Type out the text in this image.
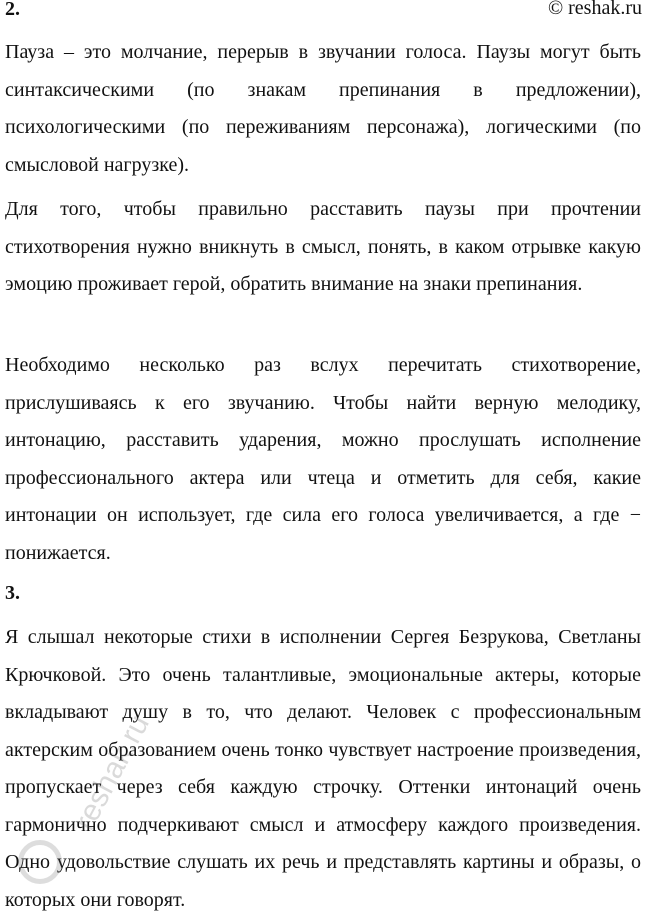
2.	© reshak.ru

Пауза – это молчание, перерыв в звучании голоса. Паузы могут быть синтаксическими (по знакам препинания в предложении), психологическими (по переживаниям персонажа), логическими (по смысловой нагрузке).

Для того, чтобы правильно расставить паузы при прочтении стихотворения нужно вникнуть в смысл, понять, в каком отрывке какую эмоцию проживает герой, обратить внимание на знаки препинания.

Необходимо несколько раз вслух перечитать стихотворение, прислушиваясь к его звучанию. Чтобы найти верную мелодику, интонацию, расставить ударения, можно прослушать исполнение профессионального актера или чтеца и отметить для себя, какие интонации он использует, где сила его голоса увеличивается, а где − понижается.

3.

Я слышал некоторые стихи в исполнении Сергея Безрукова, Светланы Крючковой. Это очень талантливые, эмоциональные актеры, которые вкладывают душу в то, что делают. Человек с профессиональным актерским образованием очень тонко чувствует настроение произведения, пропускает через себя каждую строчку. Оттенки интонаций очень гармонично подчеркивают смысл и атмосферу каждого произведения. Одно удовольствие слушать их речь и представлять картины и образы, о которых они говорят.

reshak.ru
